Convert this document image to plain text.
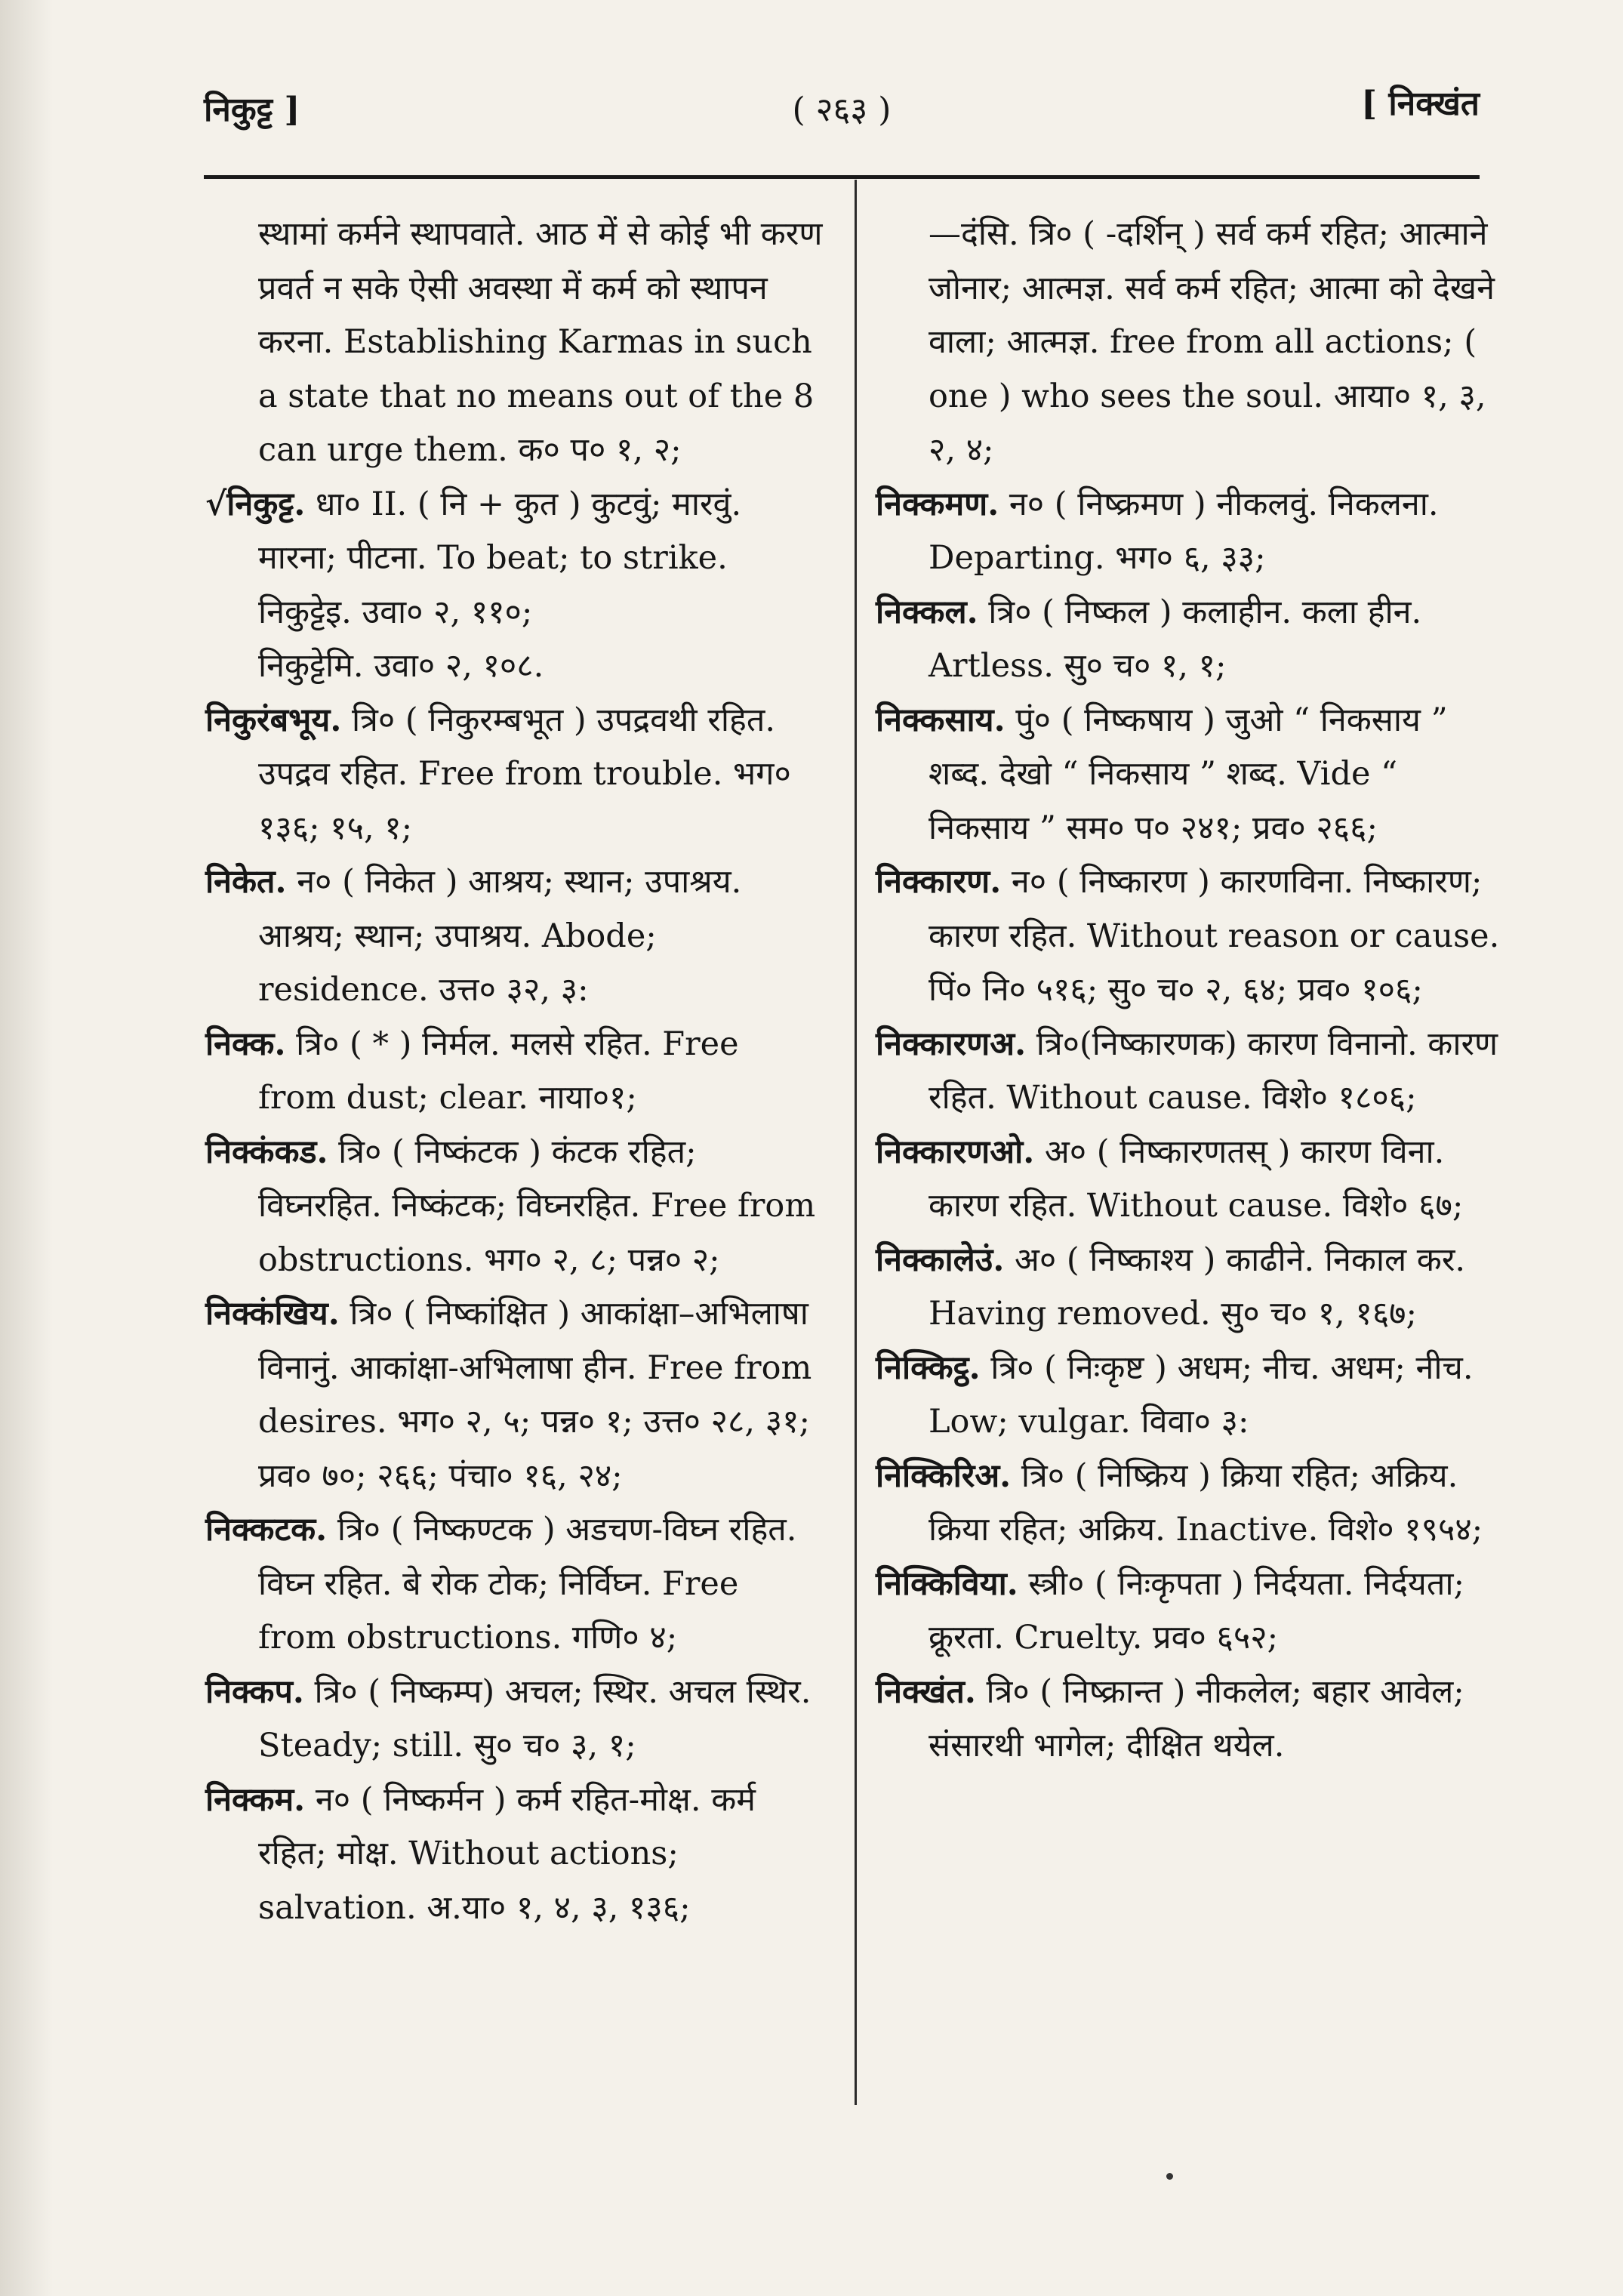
निकुट्ट ]	( २६३ )	[ निक्खंत

स्थामां कर्मने स्थापवाते. आठ में से कोई भी करण प्रवर्त न सके ऐसी अवस्था में कर्म को स्थापन करना. Establishing Karmas in such a state that no means out of the 8 can urge them. क० प० १, २;

√निकुट्ट. धा० II. ( नि + कुत ) कुटवुं; मारवुं. मारना; पीटना. To beat; to strike.
निकुट्टेइ. उवा० २, ११०;
निकुट्टेमि. उवा० २, १०८.

निकुरंबभूय. त्रि० ( निकुरम्बभूत ) उपद्रवथी रहित. उपद्रव रहित. Free from trouble. भग० १३६; १५, १;

निकेत. न० ( निकेत ) आश्रय; स्थान; उपाश्रय. आश्रय; स्थान; उपाश्रय. Abode; residence. उत्त० ३२, ३:

निक्क. त्रि० ( * ) निर्मल. मलसे रहित. Free from dust; clear. नाया०१;

निक्कंकड. त्रि० ( निष्कंटक ) कंटक रहित; विघ्नरहित. निष्कंटक; विघ्नरहित. Free from obstructions. भग० २, ८; पन्न० २;

निक्कंखिय. त्रि० ( निष्कांक्षित ) आकांक्षा–अभिलाषा विनानुं. आकांक्षा-अभिलाषा हीन. Free from desires. भग० २, ५; पन्न० १; उत्त० २८, ३१; प्रव० ७०; २६६; पंचा० १६, २४;

निक्कटक. त्रि० ( निष्कण्टक ) अडचण-विघ्न रहित. विघ्न रहित. बे रोक टोक; निर्विघ्न. Free from obstructions. गणि० ४;

निक्कप. त्रि० ( निष्कम्प) अचल; स्थिर. अचल स्थिर. Steady; still. सु० च० ३, १;

निक्कम. न० ( निष्कर्मन ) कर्म रहित-मोक्ष. कर्म रहित; मोक्ष. Without actions; salvation. अ.या० १, ४, ३, १३६;

—दंसि. त्रि० ( -दर्शिन् ) सर्व कर्म रहित; आत्माने जोनार; आत्मज्ञ. सर्व कर्म रहित; आत्मा को देखने वाला; आत्मज्ञ. free from all actions; ( one ) who sees the soul. आया० १, ३, २, ४;

निक्कमण. न० ( निष्क्रमण ) नीकलवुं. निकलना. Departing. भग० ६, ३३;

निक्कल. त्रि० ( निष्कल ) कलाहीन. कला हीन. Artless. सु० च० १, १;

निक्कसाय. पुं० ( निष्कषाय ) जुओ “ निकसाय ” शब्द. देखो “ निकसाय ” शब्द. Vide “ निकसाय ” सम० प० २४१; प्रव० २६६;

निक्कारण. न० ( निष्कारण ) कारणविना. निष्कारण; कारण रहित. Without reason or cause. पिं० नि० ५१६; सु० च० २, ६४; प्रव० १०६;

निक्कारणअ. त्रि०(निष्कारणक) कारण विनानो. कारण रहित. Without cause. विशे० १८०६;

निक्कारणओ. अ० ( निष्कारणतस् ) कारण विना. कारण रहित. Without cause. विशे० ६७;

निक्कालेउं. अ० ( निष्काश्य ) काढीने. निकाल कर. Having removed. सु० च० १, १६७;

निक्किट्ठ. त्रि० ( निःकृष्ट ) अधम; नीच. अधम; नीच. Low; vulgar. विवा० ३:

निक्किरिअ. त्रि० ( निष्क्रिय ) क्रिया रहित; अक्रिय. क्रिया रहित; अक्रिय. Inactive. विशे० १९५४;

निक्किविया. स्त्री० ( निःकृपता ) निर्दयता. निर्दयता; क्रूरता. Cruelty. प्रव० ६५२;

निक्खंत. त्रि० ( निष्क्रान्त ) नीकलेल; बहार आवेल; संसारथी भागेल; दीक्षित थयेल.
